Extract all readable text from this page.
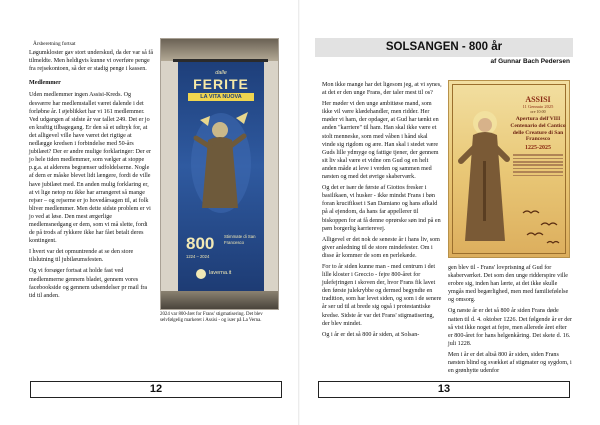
Årsberetning fortsat

Løgumkloster gav stort underskud, da der var så få tilmeldte. Men heldigvis kunne vi overføre penge fra rejsekontoen, så der er stadig penge i kassen.

Medlemmer

Uden medlemmer ingen Assisi-Kreds. Og desværre har medlemstallet været dalende i det forløbne år. I øjeblikket har vi 161 medlemmer. Ved udgangen af sidste år var tallet 249. Det er jo en kraftig tilbagegang. Er den så et udtryk for, at det alligevel ville have været det rigtige at nedlægge kredsen i forbindelse med 50-års jubilæet? Der er andre mulige forklaringer: Der er jo hele tiden medlemmer, som vælger at stoppe p.g.a. at alderens begrænser udfoldelserne. Nogle af dem er måske blevet lidt længere, fordi de ville have jubilæet med. En anden mulig forklaring er, at vi lige netop nu ikke har arrangeret så mange rejser – og rejserne er jo hovedårsagen til, at folk bliver medlemmer. Men dette sidste problem er vi jo ved at løse. Den mest ærgerlige medlemsnedgang er dem, som vi må slette, fordi de på trods af rykkere ikke har fået betalt deres kontingent.

I hvert var det opmuntrende at se den store tilslutning til jubilæumsfesten.

Og vi forsøger fortsat at holde fast ved medlemmerne gennem bladet, gennem vores facebookside og gennem udsendelser pr mail fra tid til anden.

dalle
FERITE
LA VITA NUOVA
800
1224 – 2024
Stimmate di San Francesco
laverna.it
2024 var 800-året for Frans' stigmatisering. Det blev selvfølgelig markeret i Assisi - og især på La Verna.
12
SOLSANGEN - 800 år
af Gunnar Bach Pedersen

Mon ikke mange har det ligesom jeg, at vi synes, at det er den unge Frans, der taler mest til os?

Her møder vi den unge ambitiøse mand, som ikke vil være klædehandler, men ridder. Her møder vi ham, der opdager, at Gud har tænkt en anden "karriere" til ham. Han skal ikke være et stolt menneske, som med våben i hånd skal vinde sig rigdom og ære. Han skal i stedet være Guds lille ydmyge og fattige tjener, der gennem sit liv skal være et vidne om Gud og en helt anden måde at leve i verden og sammen med næsten og med det øvrige skaberværk.

Og det er især de første af Giottos fresker i basilikaen, vi husker - ikke mindst Frans i bøn foran krucifikset i San Damiano og hans afkald på al ejendom, da hans far appellerer til biskoppen for at få denne oprørske søn ind på en pæn borgerlig karrierevej.

Alligevel er det nok de seneste år i hans liv, som giver anledning til de store mindefester. Om i disse år kommer de som en perlekæde.

For to år siden kunne man - med centrum i det lille kloster i Greccio - fejre 800-året for julefejringen i skoven der, hvor Frans fik lavet den første julekrybbe og dermed begyndte en tradition, som har levet siden, og som i de senere år ser ud til at brede sig også i protestantiske kredse. Sidste år var det Frans' stigmatisering, der blev mindet.

Og i år er det så 800 år siden, at Solsan-

ASSISI
11 Gennaio 2025
ore 10:00
Apertura dell'VIII Centenario del Cantico delle Creature di San Francesco
1225-2025

gen blev til - Frans' lovprisning af Gud for skaberværket. Det som den unge ridderspire ville erobre sig, inden han lærte, at det ikke skulle ymgås med begærlighed, men med familiefølelse og omsorg.

Og næste år er det så 800 år siden Frans døde natten til d. 4. oktober 1226. Det følgende år er der så vist ikke noget at fejre, men allerede året efter er 800-året for hans helgenkåring. Det skete d. 16. juli 1228.

Men i år er det altså 800 år siden, siden Frans næsten blind og svækket af stigmater og sygdom, i en grønhytte udenfor

13
